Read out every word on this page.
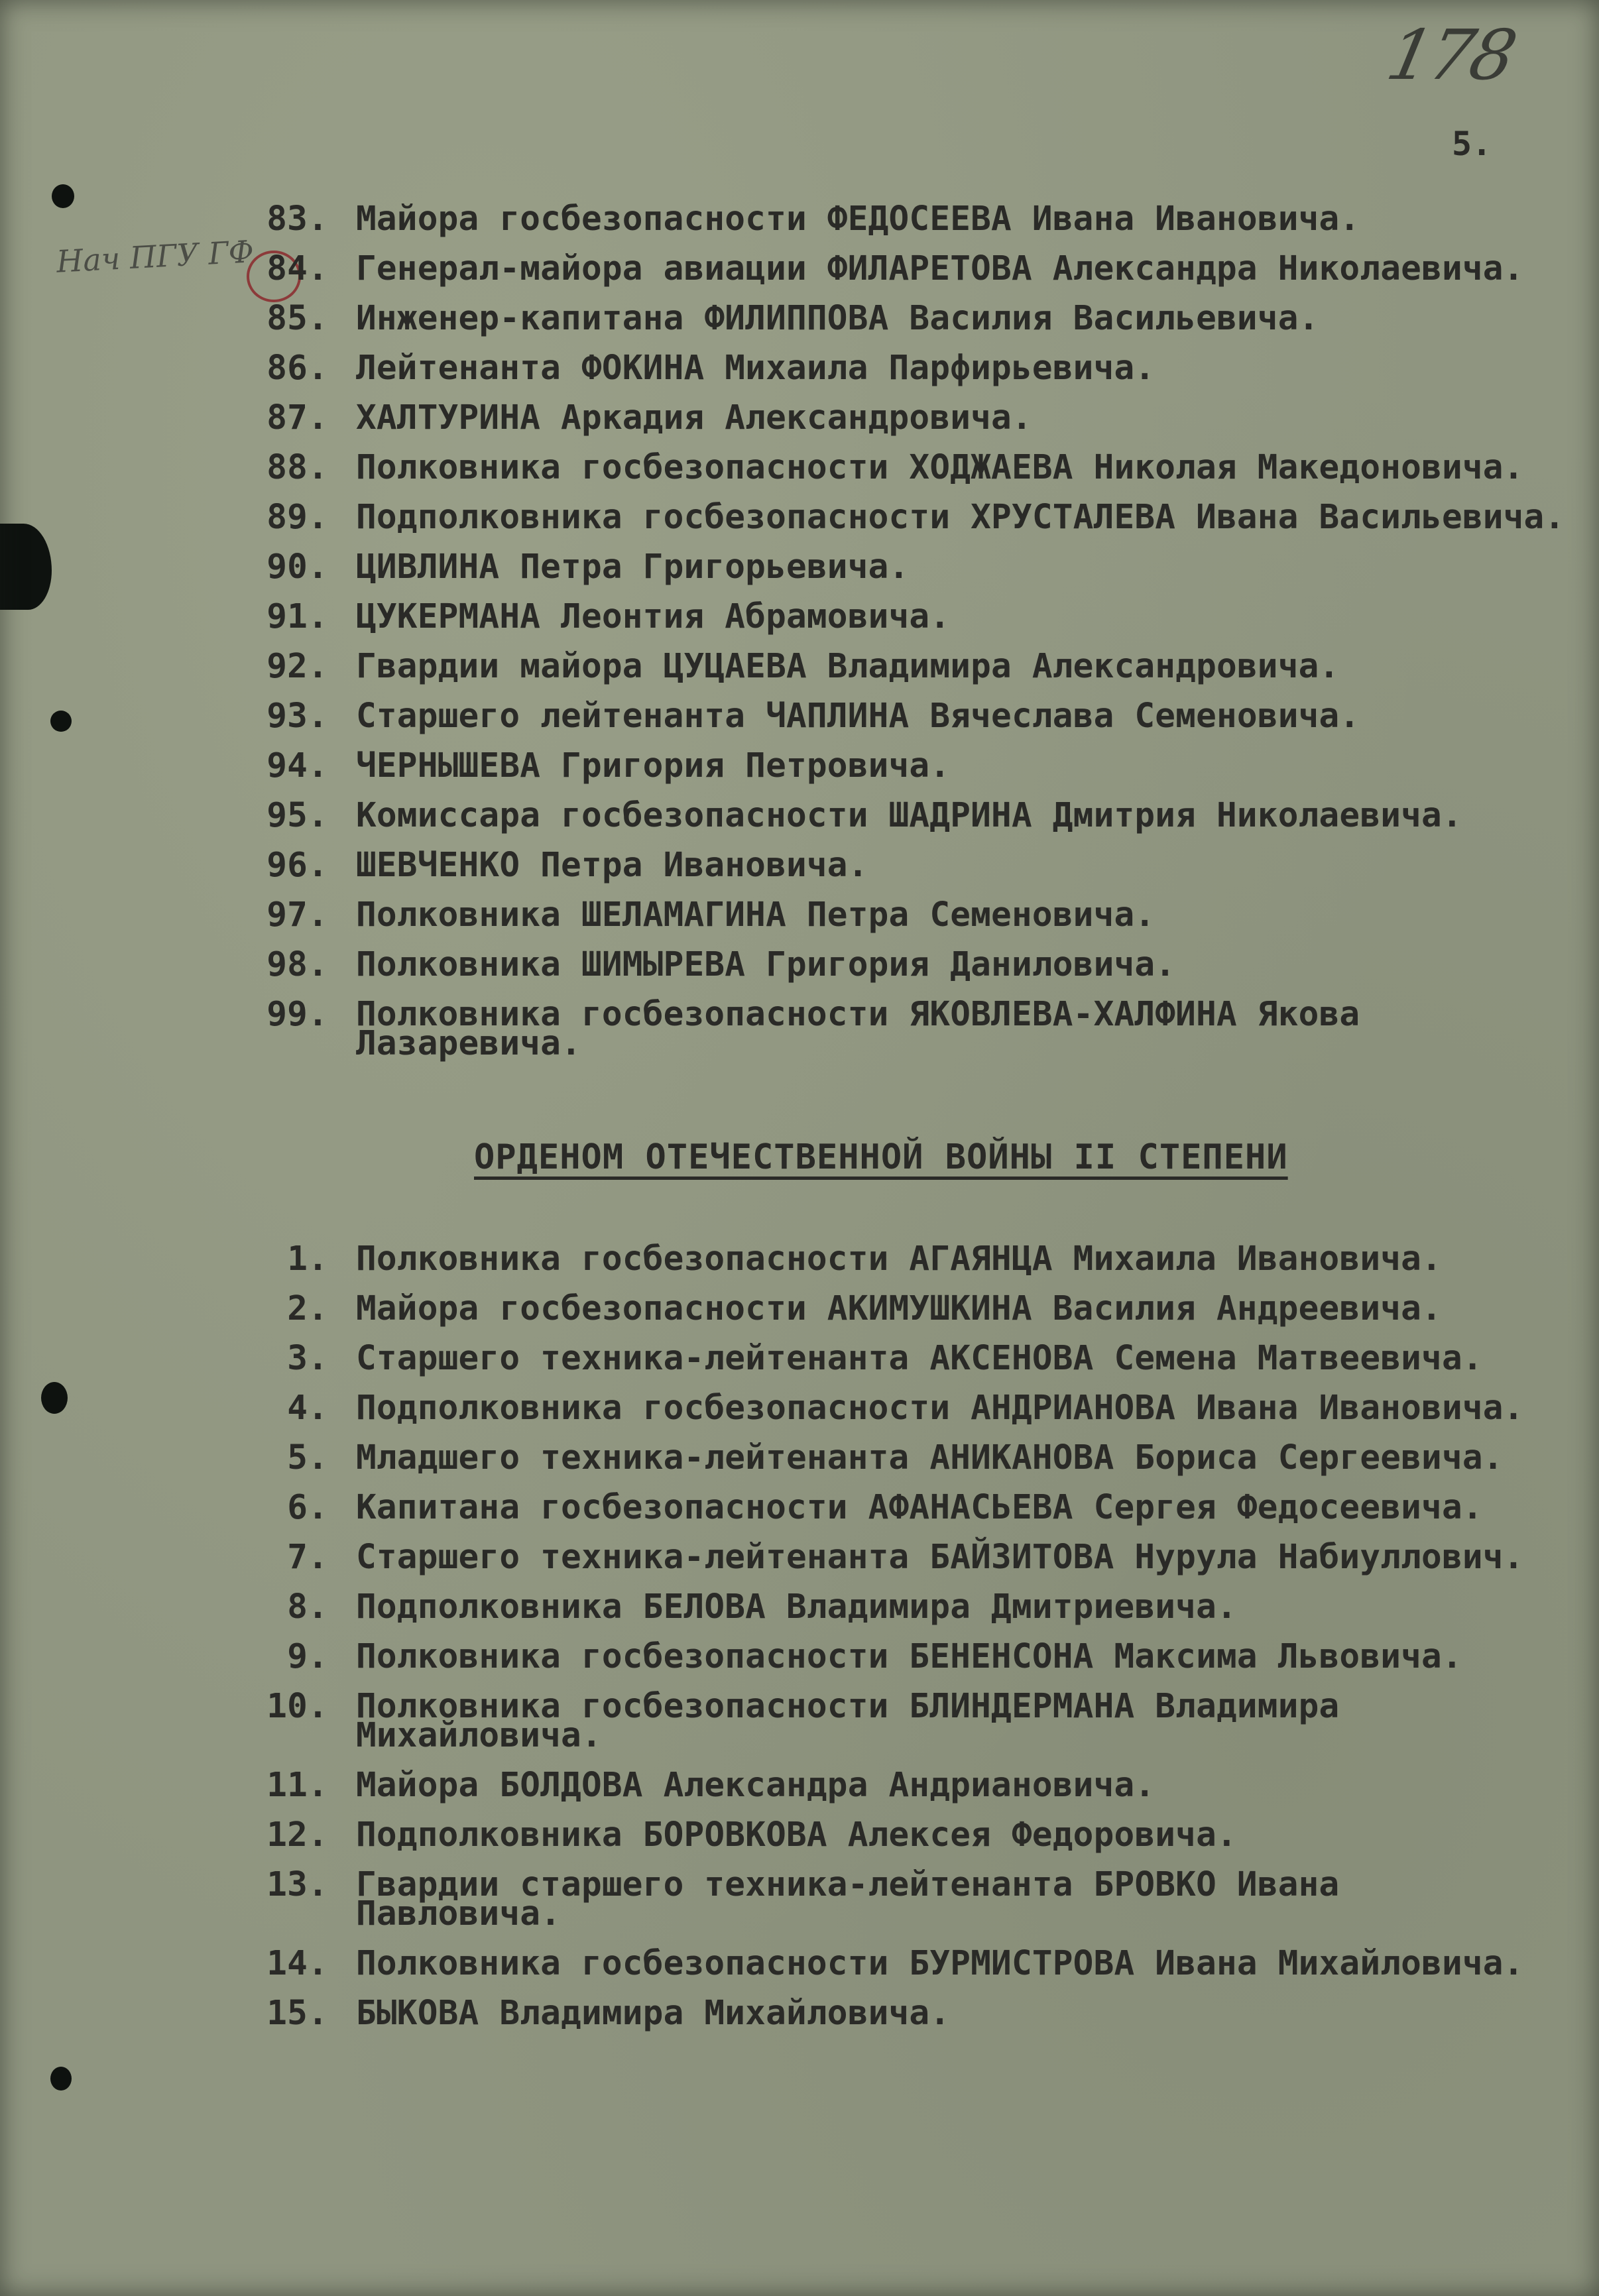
178
Нач ПГУ ГФ
5.
83. Майора госбезопасности ФЕДОСЕЕВА Ивана Ивановича.
84. Генерал-майора авиации ФИЛАРЕТОВА Александра Николаевича.
85. Инженер-капитана ФИЛИППОВА Василия Васильевича.
86. Лейтенанта ФОКИНА Михаила Парфирьевича.
87. ХАЛТУРИНА Аркадия Александровича.
88. Полковника госбезопасности ХОДЖАЕВА Николая Македоновича.
89. Подполковника госбезопасности ХРУСТАЛЕВА Ивана Васильевича.
90. ЦИВЛИНА Петра Григорьевича.
91. ЦУКЕРМАНА Леонтия Абрамовича.
92. Гвардии майора ЦУЦАЕВА Владимира Александровича.
93. Старшего лейтенанта ЧАПЛИНА Вячеслава Семеновича.
94. ЧЕРНЫШЕВА Григория Петровича.
95. Комиссара госбезопасности ШАДРИНА Дмитрия Николаевича.
96. ШЕВЧЕНКО Петра Ивановича.
97. Полковника ШЕЛАМАГИНА Петра Семеновича.
98. Полковника ШИМЫРЕВА Григория Даниловича.
99. Полковника госбезопасности ЯКОВЛЕВА-ХАЛФИНА Якова
Лазаревича.
ОРДЕНОМ ОТЕЧЕСТВЕННОЙ ВОЙНЫ II СТЕПЕНИ
1. Полковника госбезопасности АГАЯНЦА Михаила Ивановича.
2. Майора госбезопасности АКИМУШКИНА Василия Андреевича.
3. Старшего техника-лейтенанта АКСЕНОВА Семена Матвеевича.
4. Подполковника госбезопасности АНДРИАНОВА Ивана Ивановича.
5. Младшего техника-лейтенанта АНИКАНОВА Бориса Сергеевича.
6. Капитана госбезопасности АФАНАСЬЕВА Сергея Федосеевича.
7. Старшего техника-лейтенанта БАЙЗИТОВА Нурула Набиуллович.
8. Подполковника БЕЛОВА Владимира Дмитриевича.
9. Полковника госбезопасности БЕНЕНСОНА Максима Львовича.
10. Полковника госбезопасности БЛИНДЕРМАНА Владимира
Михайловича.
11. Майора БОЛДОВА Александра Андриановича.
12. Подполковника БОРОВКОВА Алексея Федоровича.
13. Гвардии старшего техника-лейтенанта БРОВКО Ивана
Павловича.
14. Полковника госбезопасности БУРМИСТРОВА Ивана Михайловича.
15. БЫКОВА Владимира Михайловича.
